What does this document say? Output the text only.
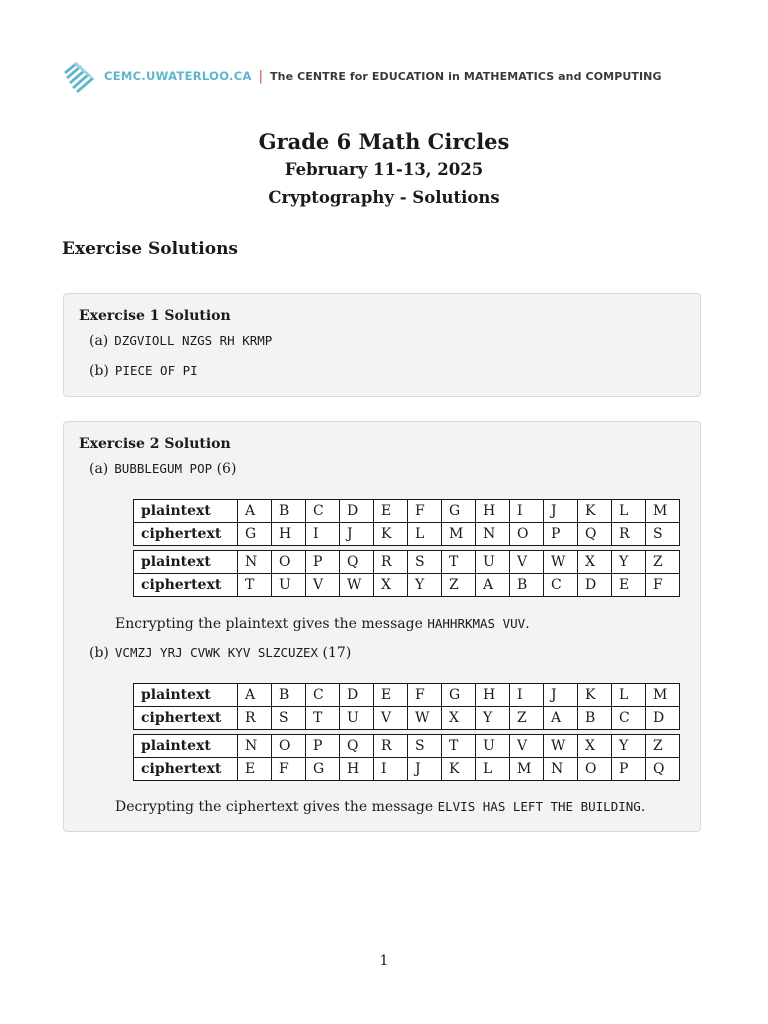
CEMC.UWATERLOO.CA | The CENTRE for EDUCATION in MATHEMATICS and COMPUTING
Grade 6 Math Circles
February 11-13, 2025
Cryptography - Solutions
Exercise Solutions
Exercise 1 Solution
(a) DZGVIOLL NZGS RH KRMP
(b) PIECE OF PI
Exercise 2 Solution
(a) BUBBLEGUM POP (6)
plaintext	A	B	C	D	E	F	G	H	I	J	K	L	M
ciphertext	G	H	I	J	K	L	M	N	O	P	Q	R	S
plaintext	N	O	P	Q	R	S	T	U	V	W	X	Y	Z
ciphertext	T	U	V	W	X	Y	Z	A	B	C	D	E	F
Encrypting the plaintext gives the message HAHHRKMAS VUV.
(b) VCMZJ YRJ CVWK KYV SLZCUZEX (17)
plaintext	A	B	C	D	E	F	G	H	I	J	K	L	M
ciphertext	R	S	T	U	V	W	X	Y	Z	A	B	C	D
plaintext	N	O	P	Q	R	S	T	U	V	W	X	Y	Z
ciphertext	E	F	G	H	I	J	K	L	M	N	O	P	Q
Decrypting the ciphertext gives the message ELVIS HAS LEFT THE BUILDING.
1
